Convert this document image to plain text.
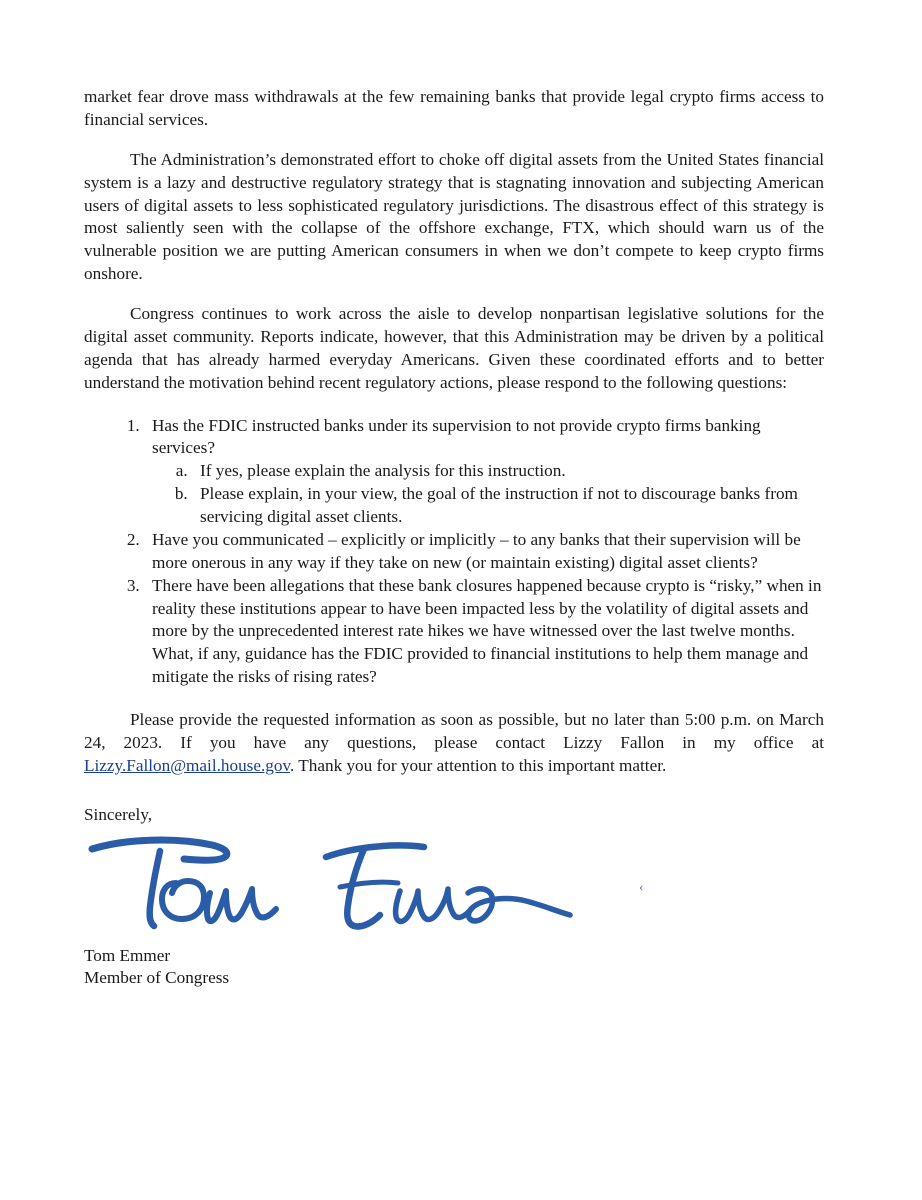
market fear drove mass withdrawals at the few remaining banks that provide legal crypto firms access to financial services.

The Administration’s demonstrated effort to choke off digital assets from the United States financial system is a lazy and destructive regulatory strategy that is stagnating innovation and subjecting American users of digital assets to less sophisticated regulatory jurisdictions. The disastrous effect of this strategy is most saliently seen with the collapse of the offshore exchange, FTX, which should warn us of the vulnerable position we are putting American consumers in when we don’t compete to keep crypto firms onshore.

Congress continues to work across the aisle to develop nonpartisan legislative solutions for the digital asset community. Reports indicate, however, that this Administration may be driven by a political agenda that has already harmed everyday Americans. Given these coordinated efforts and to better understand the motivation behind recent regulatory actions, please respond to the following questions:

1. Has the FDIC instructed banks under its supervision to not provide crypto firms banking services?
a. If yes, please explain the analysis for this instruction.
b. Please explain, in your view, the goal of the instruction if not to discourage banks from servicing digital asset clients.
2. Have you communicated – explicitly or implicitly – to any banks that their supervision will be more onerous in any way if they take on new (or maintain existing) digital asset clients?
3. There have been allegations that these bank closures happened because crypto is “risky,” when in reality these institutions appear to have been impacted less by the volatility of digital assets and more by the unprecedented interest rate hikes we have witnessed over the last twelve months. What, if any, guidance has the FDIC provided to financial institutions to help them manage and mitigate the risks of rising rates?

Please provide the requested information as soon as possible, but no later than 5:00 p.m. on March 24, 2023. If you have any questions, please contact Lizzy Fallon in my office at Lizzy.Fallon@mail.house.gov. Thank you for your attention to this important matter.

Sincerely,
‹
Tom Emmer
Member of Congress
